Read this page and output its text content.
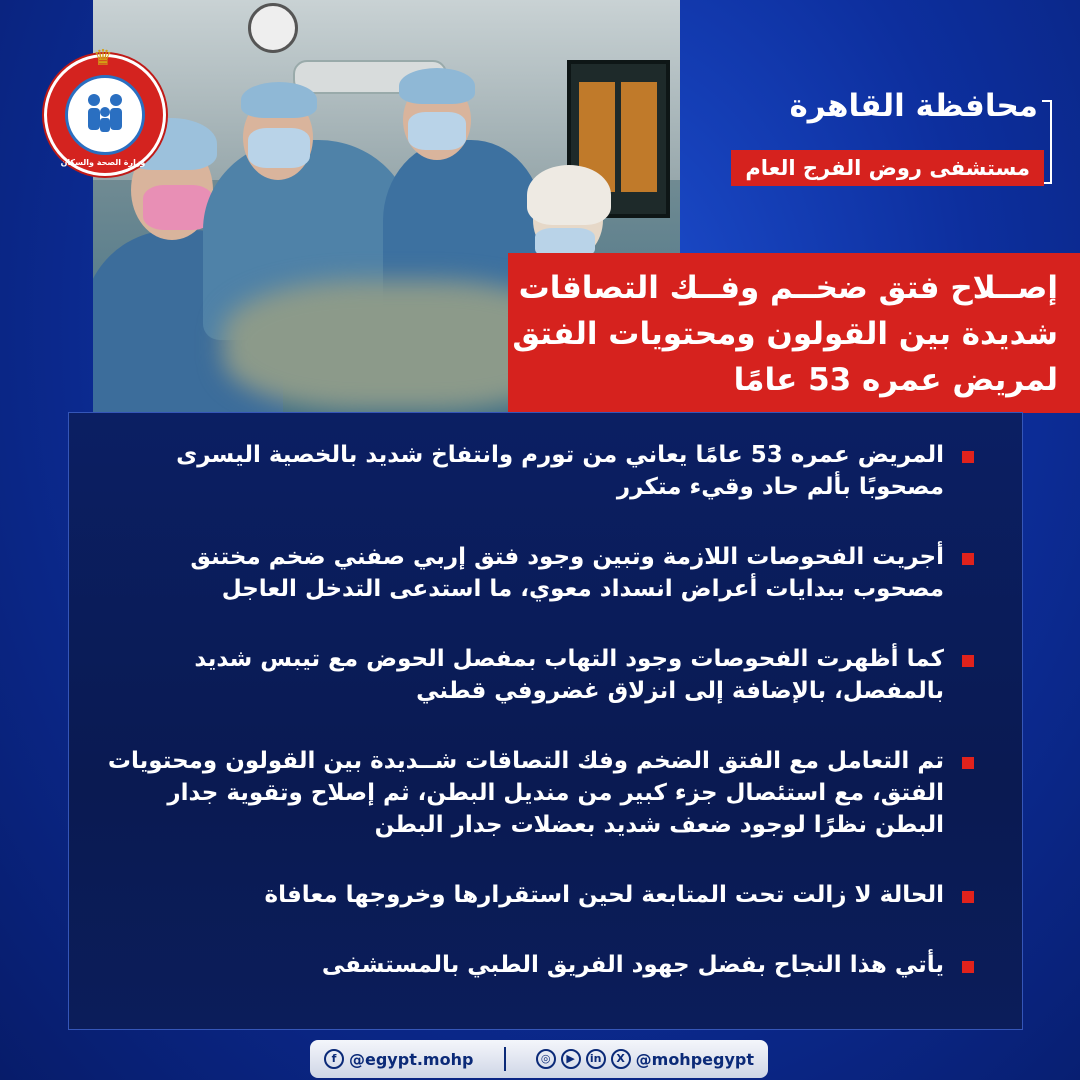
♛
وزارة الصحة والسكان
محافظة القاهرة
مستشفى روض الفرج العام
إصــلاح فتق ضخــم وفــك التصاقات
شديدة بين القولون ومحتويات الفتق
لمريض عمره 53 عامًا
المريض عمره 53 عامًا يعاني من تورم وانتفاخ شديد بالخصية اليسرى مصحوبًا بألم حاد وقيء متكرر
أجريت الفحوصات اللازمة وتبين وجود فتق إربي صفني ضخم مختنق مصحوب ببدايات أعراض انسداد معوي، ما استدعى التدخل العاجل
كما أظهرت الفحوصات وجود التهاب بمفصل الحوض مع تيبس شديد بالمفصل، بالإضافة إلى انزلاق غضروفي قطني
تم التعامل مع الفتق الضخم وفك التصاقات شــديدة بين القولون ومحتويات الفتق، مع استئصال جزء كبير من منديل البطن، ثم إصلاح وتقوية جدار البطن نظرًا لوجود ضعف شديد بعضلات جدار البطن
الحالة لا زالت تحت المتابعة لحين استقرارها وخروجها معافاة
يأتي هذا النجاح بفضل جهود الفريق الطبي بالمستشفى
f @egypt.mohp	◎	▶	in	X @mohpegypt
